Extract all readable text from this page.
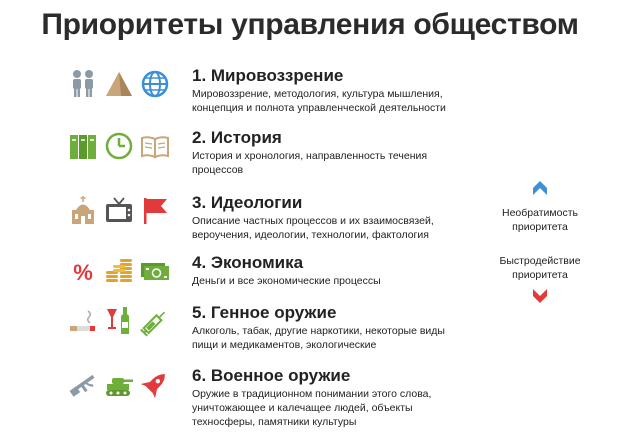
Приоритеты управления обществом
1. Мировоззрение
Мировоззрение, методология, культура мышления, концепция и полнота управленческой деятельности
2. История
История и хронология, направленность течения процессов
3. Идеологии
Описание частных процессов и их взаимосвязей, вероучения, идеологии, технологии, фактология
%	4. Экономика
Деньги и все экономические процессы
5. Генное оружие
Алкоголь, табак, другие наркотики, некоторые виды пищи и медикаментов, экологические
6. Военное оружие
Оружие в традиционном понимании этого слова, уничтожающее и калечащее людей, объекты техносферы, памятники культуры
Необратимость приоритета
Быстродействие приоритета
